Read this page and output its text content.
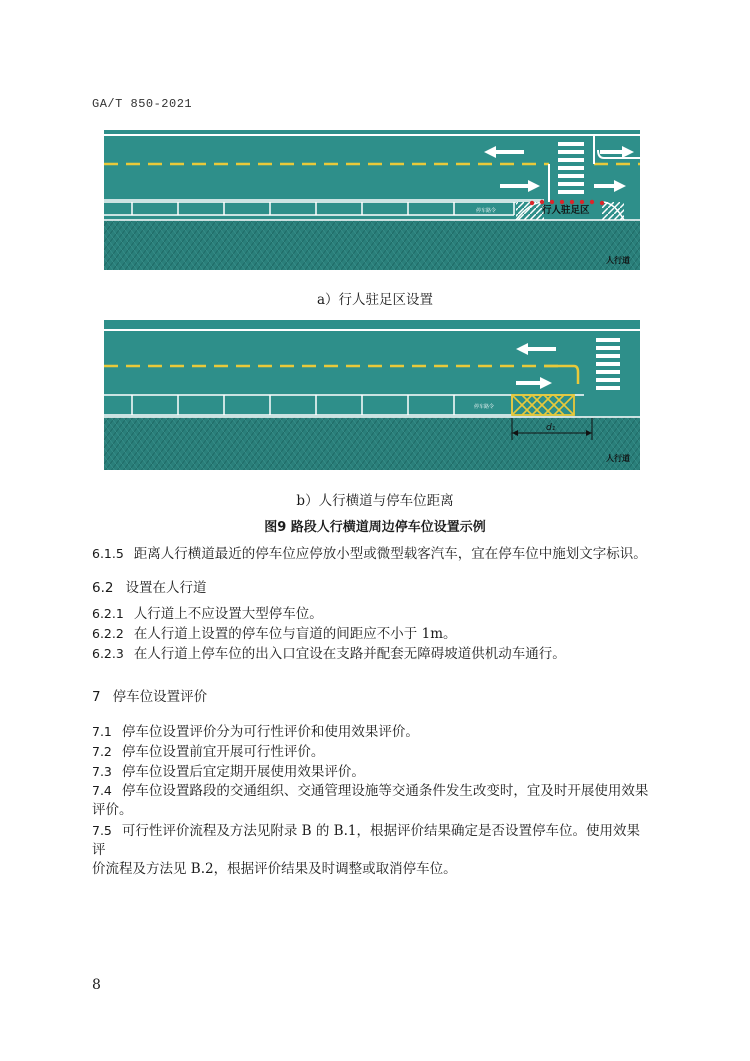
GA/T 850-2021
停车路令	行人驻足区
人行道
a）行人驻足区设置
停车路令
d₁
人行道
b）人行横道与停车位距离
图9 路段人行横道周边停车位设置示例
6.1.5 距离人行横道最近的停车位应停放小型或微型载客汽车，宜在停车位中施划文字标识。
6.2 设置在人行道
6.2.1 人行道上不应设置大型停车位。
6.2.2 在人行道上设置的停车位与盲道的间距应不小于 1m。
6.2.3 在人行道上停车位的出入口宜设在支路并配套无障碍坡道供机动车通行。
7 停车位设置评价
7.1 停车位设置评价分为可行性评价和使用效果评价。
7.2 停车位设置前宜开展可行性评价。
7.3 停车位设置后宜定期开展使用效果评价。
7.4 停车位设置路段的交通组织、交通管理设施等交通条件发生改变时，宜及时开展使用效果
评价。
7.5 可行性评价流程及方法见附录 B 的 B.1，根据评价结果确定是否设置停车位。使用效果评
价流程及方法见 B.2，根据评价结果及时调整或取消停车位。
8
